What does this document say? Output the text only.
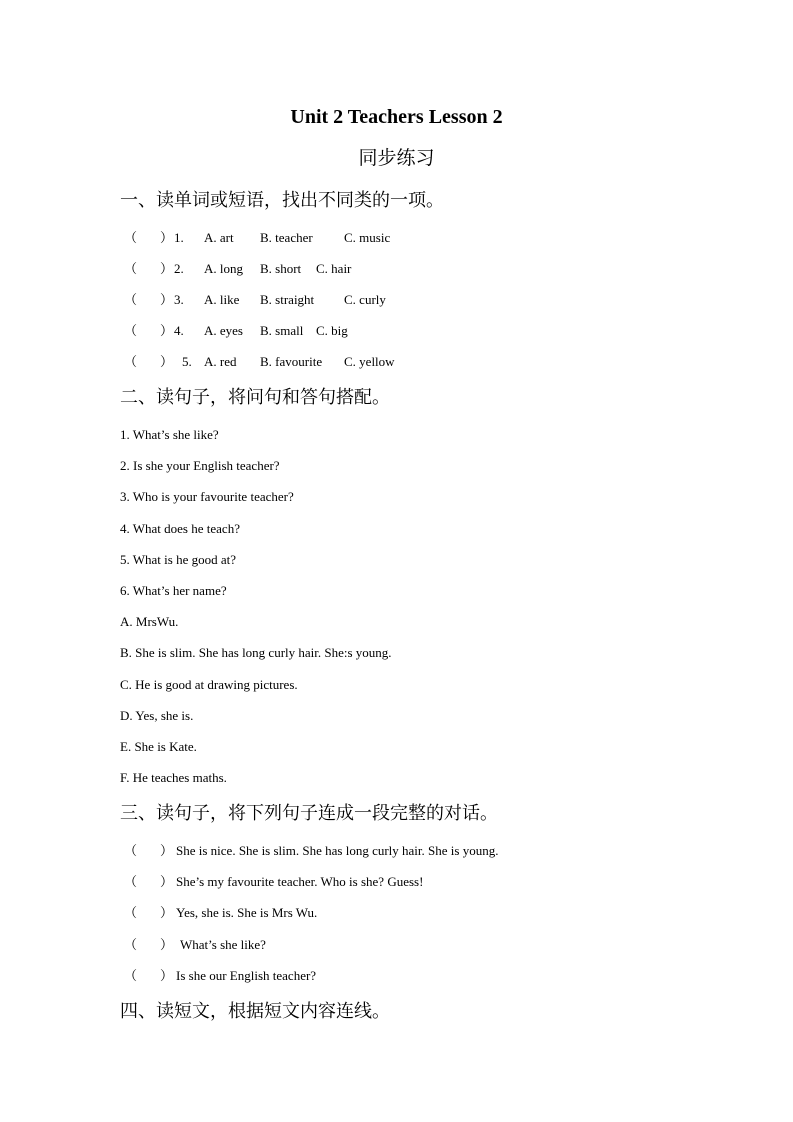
Unit 2 Teachers Lesson 2
同步练习
一、读单词或短语，找出不同类的一项。
（ ） 1. A. art B. teacher C. music
（ ） 2. A. long B. short C. hair
（ ） 3. A. like B. straight C. curly
（ ） 4. A. eyes B. small C. big
（ ） 5. A. red B. favourite C. yellow
二、读句子，将问句和答句搭配。
1. What’s she like?
2. Is she your English teacher?
3. Who is your favourite teacher?
4. What does he teach?
5. What is he good at?
6. What’s her name?
A. MrsWu.
B. She is slim. She has long curly hair. She:s young.
C. He is good at drawing pictures.
D. Yes, she is.
E. She is Kate.
F. He teaches maths.
三、读句子，将下列句子连成一段完整的对话。
（ ） She is nice. She is slim. She has long curly hair. She is young.
（ ） She’s my favourite teacher. Who is she? Guess!
（ ） Yes, she is. She is Mrs Wu.
（ ） What’s she like?
（ ） Is she our English teacher?
四、读短文，根据短文内容连线。
